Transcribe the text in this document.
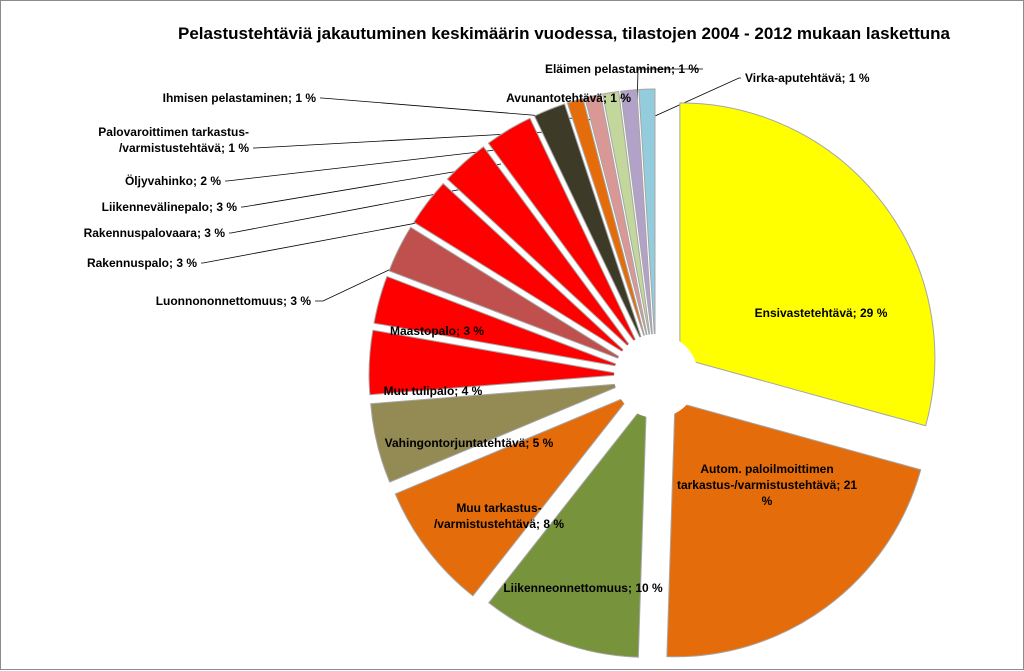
Pelastustehtäviä jakautuminen keskimäärin vuodessa, tilastojen 2004 - 2012 mukaan laskettuna
Ensivastetehtävä; 29 %
Autom. paloilmoittimen tarkastus-/varmistustehtävä; 21 %
Liikenneonnettomuus; 10 %
Muu tarkastus-/varmistustehtävä; 8 %
Vahingontorjuntatehtävä; 5 %
Muu tulipalo; 4 %
Maastopalo; 3 %
Luonnononnettomuus; 3 %
Rakennuspalo; 3 %
Rakennuspalovaara; 3 %
Liikennevälinepalo; 3 %
Öljyvahinko; 2 %
Palovaroittimen tarkastus-/varmistustehtävä; 1 %
Ihmisen pelastaminen; 1 %	Avunantotehtävä; 1 %
Eläimen pelastaminen; 1 %
Virka-aputehtävä; 1 %
